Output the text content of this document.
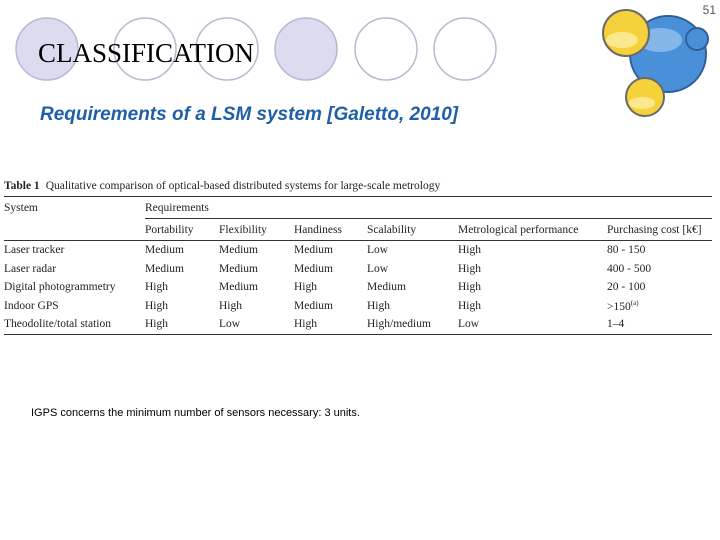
51
CLASSIFICATION
Requirements of a LSM system [Galetto, 2010]
Table 1 Qualitative comparison of optical-based distributed systems for large-scale metrology
System	Requirements					
	Portability	Flexibility	Handiness	Scalability	Metrological performance	Purchasing cost [k€]
Laser tracker	Medium	Medium	Medium	Low	High	80 - 150
Laser radar	Medium	Medium	Medium	Low	High	400 - 500
Digital photogrammetry	High	Medium	High	Medium	High	20 - 100
Indoor GPS	High	High	Medium	High	High	$>150^{(a)}$
Theodolite/total station	High	Low	High	High/medium	Low	1–4
IGPS concerns the minimum number of sensors necessary: 3 units.
